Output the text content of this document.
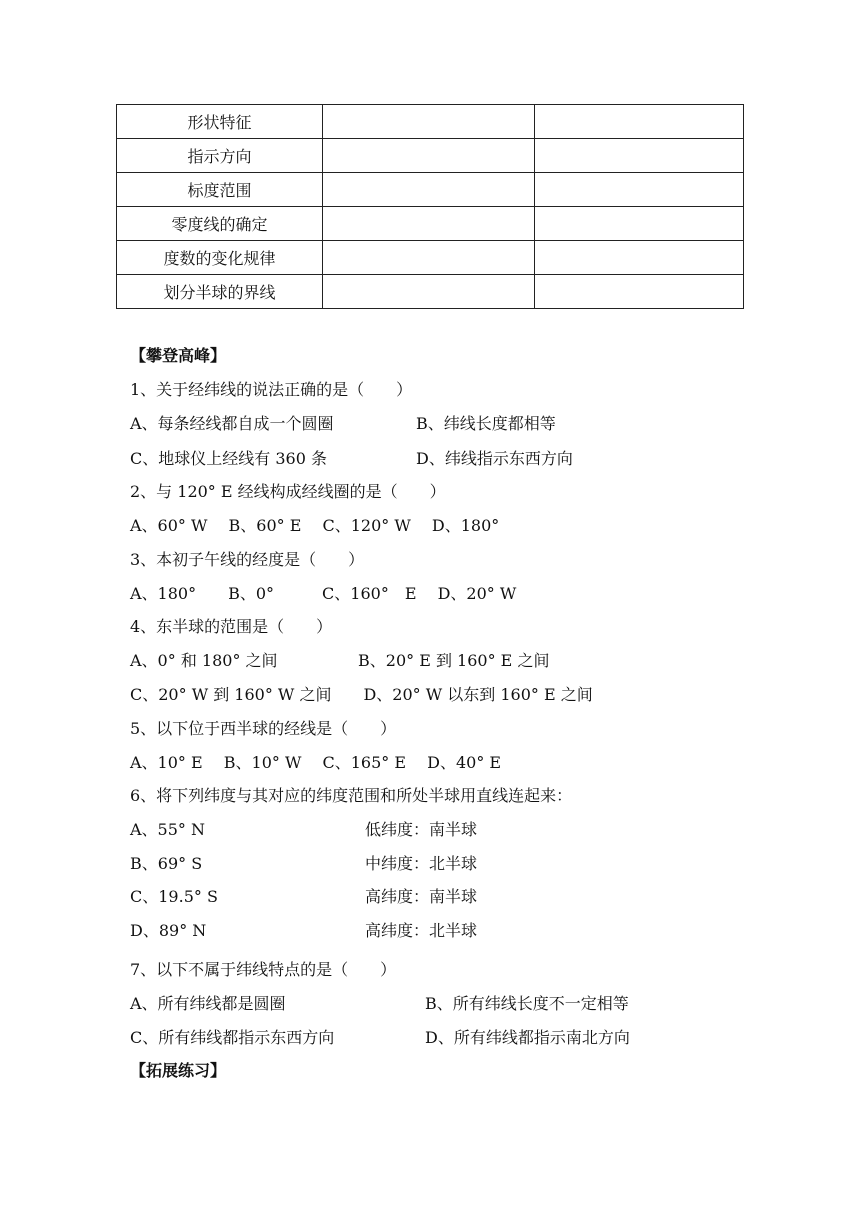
形状特征		
指示方向		
标度范围		
零度线的确定		
度数的变化规律		
划分半球的界线		
【攀登高峰】
1、关于经纬线的说法正确的是（　　）
A、每条经线都自成一个圆圈	B、纬线长度都相等
C、地球仪上经线有 360 条	D、纬线指示东西方向
2、与 120° E 经线构成经线圈的是（　　）
A、60° W　 B、60° E　 C、120° W　 D、180°
3、本初子午线的经度是（　　）
A、180°　　B、0°　　　C、160°　E　 D、20° W
4、东半球的范围是（　　）
A、0° 和 180° 之间	B、20° E 到 160° E 之间
C、20° W 到 160° W 之间　　D、20° W 以东到 160° E 之间
5、以下位于西半球的经线是（　　）
A、10° E　 B、10° W　 C、165° E　 D、40° E
6、将下列纬度与其对应的纬度范围和所处半球用直线连起来：
A、55° N	低纬度：南半球
B、69° S	中纬度：北半球
C、19.5° S	高纬度：南半球
D、89° N	高纬度：北半球
7、以下不属于纬线特点的是（　　）
A、所有纬线都是圆圈	B、所有纬线长度不一定相等
C、所有纬线都指示东西方向	D、所有纬线都指示南北方向
【拓展练习】
